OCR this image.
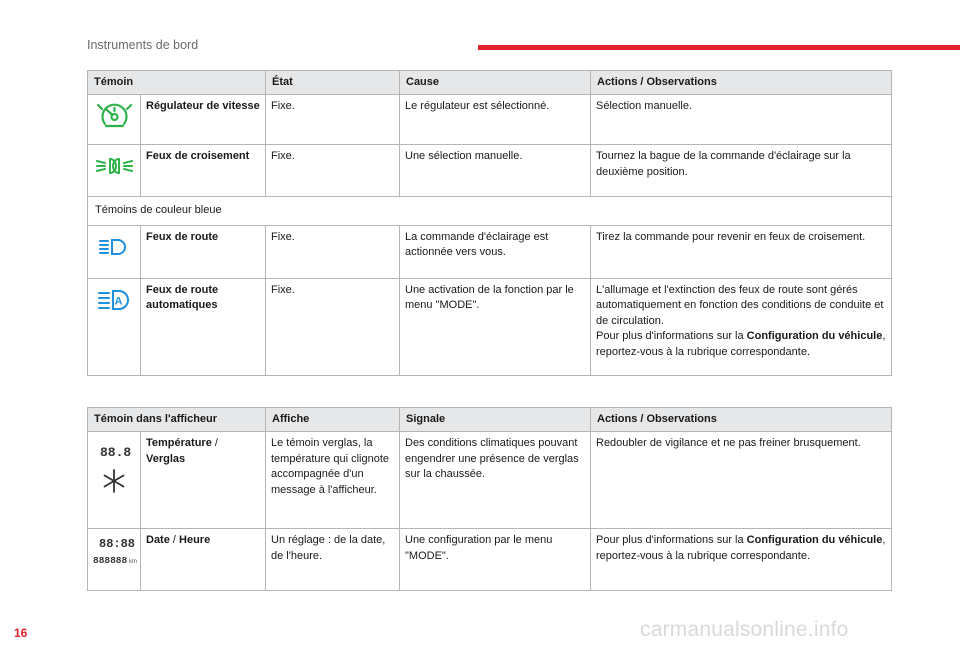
Instruments de bord
Témoin		État	Cause	Actions / Observations

	Régulateur de vitesse	Fixe.	Le régulateur est sélectionné.	Sélection manuelle.

	Feux de croisement	Fixe.	Une sélection manuelle.	Tournez la bague de la commande d'éclairage sur la deuxième position.
Témoins de couleur bleue				

	Feux de route	Fixe.	La commande d'éclairage est actionnée vers vous.	Tirez la commande pour revenir en feux de croisement.

A	Feux de route automatiques	Fixe.	Une activation de la fonction par le menu "MODE".	L'allumage et l'extinction des feux de route sont gérés automatiquement en fonction des conditions de conduite et de circulation.
Pour plus d'informations sur la Configuration du véhicule, reportez-vous à la rubrique correspondante.
Témoin dans l'afficheur		Affiche	Signale	Actions / Observations

88.8	Température / Verglas	Le témoin verglas, la température qui clignote accompagnée d'un message à l'afficheur.	Des conditions climatiques pouvant engendrer une présence de verglas sur la chaussée.	Redoubler de vigilance et ne pas freiner brusquement.

88:88
888888 km	Date / Heure	Un réglage : de la date, de l'heure.	Une configuration par le menu "MODE".	Pour plus d'informations sur la Configuration du véhicule, reportez-vous à la rubrique correspondante.
16	carmanualsonline.info
